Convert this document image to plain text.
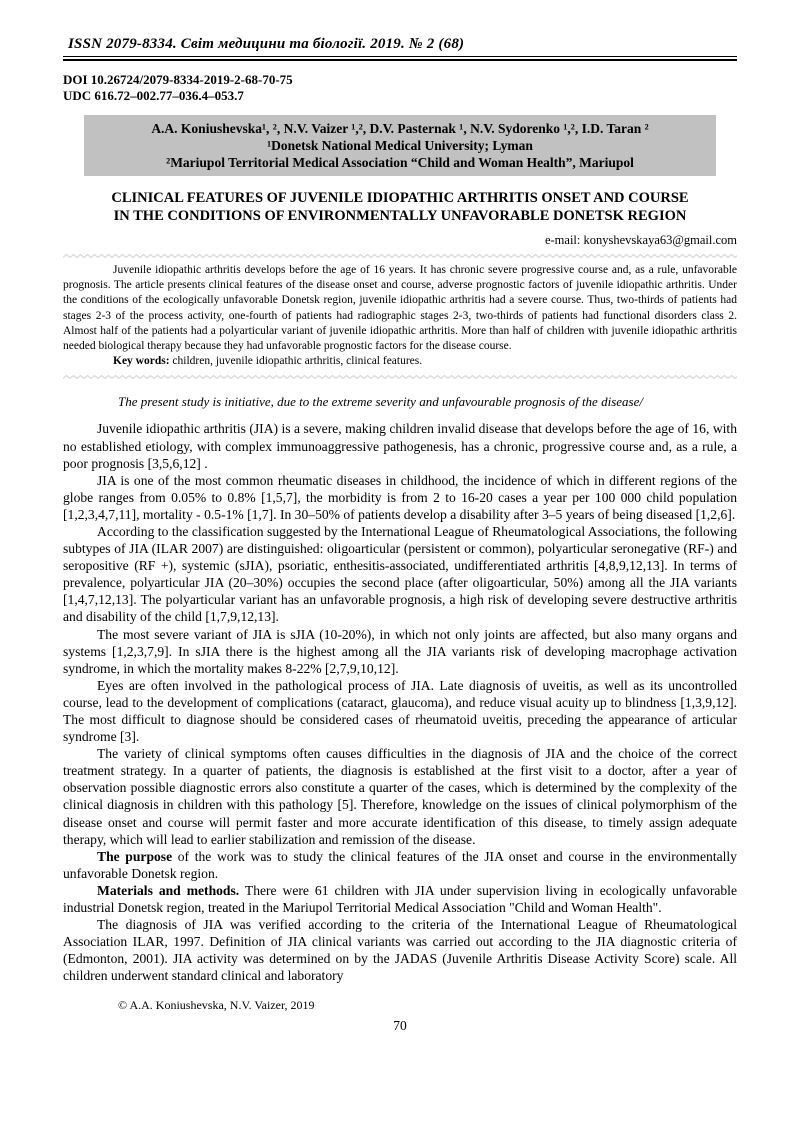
ISSN 2079-8334. Світ медицини та біології. 2019. № 2 (68)
DOI 10.26724/2079-8334-2019-2-68-70-75
UDC 616.72–002.77–036.4–053.7
A.A. Koniushevska¹, ², N.V. Vaizer ¹,², D.V. Pasternak ¹, N.V. Sydorenko ¹,², I.D. Taran ²
¹Donetsk National Medical University; Lyman
²Mariupol Territorial Medical Association “Child and Woman Health”, Mariupol
CLINICAL FEATURES OF JUVENILE IDIOPATHIC ARTHRITIS ONSET AND COURSE
IN THE CONDITIONS OF ENVIRONMENTALLY UNFAVORABLE DONETSK REGION
e-mail: konyshevskaya63@gmail.com

Juvenile idiopathic arthritis develops before the age of 16 years. It has chronic severe progressive course and, as a rule, unfavorable prognosis. The article presents clinical features of the disease onset and course, adverse prognostic factors of juvenile idiopathic arthritis. Under the conditions of the ecologically unfavorable Donetsk region, juvenile idiopathic arthritis had a severe course. Thus, two-thirds of patients had stages 2-3 of the process activity, one-fourth of patients had radiographic stages 2-3, two-thirds of patients had functional disorders class 2. Almost half of the patients had a polyarticular variant of juvenile idiopathic arthritis. More than half of children with juvenile idiopathic arthritis needed biological therapy because they had unfavorable prognostic factors for the disease course.

Key words: children, juvenile idiopathic arthritis, clinical features.

The present study is initiative, due to the extreme severity and unfavourable prognosis of the disease/

Juvenile idiopathic arthritis (JIA) is a severe, making children invalid disease that develops before the age of 16, with no established etiology, with complex immunoaggressive pathogenesis, has a chronic, progressive course and, as a rule, a poor prognosis [3,5,6,12] .

JIA is one of the most common rheumatic diseases in childhood, the incidence of which in different regions of the globe ranges from 0.05% to 0.8% [1,5,7], the morbidity is from 2 to 16-20 cases a year per 100 000 child population [1,2,3,4,7,11], mortality - 0.5-1% [1,7]. In 30–50% of patients develop a disability after 3–5 years of being diseased [1,2,6].

According to the classification suggested by the International League of Rheumatological Associations, the following subtypes of JIA (ILAR 2007) are distinguished: oligoarticular (persistent or common), polyarticular seronegative (RF-) and seropositive (RF +), systemic (sJIA), psoriatic, enthesitis-associated, undifferentiated arthritis [4,8,9,12,13]. In terms of prevalence, polyarticular JIA (20–30%) occupies the second place (after oligoarticular, 50%) among all the JIA variants [1,4,7,12,13]. The polyarticular variant has an unfavorable prognosis, a high risk of developing severe destructive arthritis and disability of the child [1,7,9,12,13].

The most severe variant of JIA is sJIA (10-20%), in which not only joints are affected, but also many organs and systems [1,2,3,7,9]. In sJIA there is the highest among all the JIA variants risk of developing macrophage activation syndrome, in which the mortality makes 8-22% [2,7,9,10,12].

Eyes are often involved in the pathological process of JIA. Late diagnosis of uveitis, as well as its uncontrolled course, lead to the development of complications (cataract, glaucoma), and reduce visual acuity up to blindness [1,3,9,12]. The most difficult to diagnose should be considered cases of rheumatoid uveitis, preceding the appearance of articular syndrome [3].

The variety of clinical symptoms often causes difficulties in the diagnosis of JIA and the choice of the correct treatment strategy. In a quarter of patients, the diagnosis is established at the first visit to a doctor, after a year of observation possible diagnostic errors also constitute a quarter of the cases, which is determined by the complexity of the clinical diagnosis in children with this pathology [5]. Therefore, knowledge on the issues of clinical polymorphism of the disease onset and course will permit faster and more accurate identification of this disease, to timely assign adequate therapy, which will lead to earlier stabilization and remission of the disease.

The purpose of the work was to study the clinical features of the JIA onset and course in the environmentally unfavorable Donetsk region.

Materials and methods. There were 61 children with JIA under supervision living in ecologically unfavorable industrial Donetsk region, treated in the Mariupol Territorial Medical Association "Child and Woman Health".

The diagnosis of JIA was verified according to the criteria of the International League of Rheumatological Association ILAR, 1997. Definition of JIA clinical variants was carried out according to the JIA diagnostic criteria of (Edmonton, 2001). JIA activity was determined on by the JADAS (Juvenile Arthritis Disease Activity Score) scale. All children underwent standard clinical and laboratory

© A.A. Koniushevska, N.V. Vaizer, 2019
70
